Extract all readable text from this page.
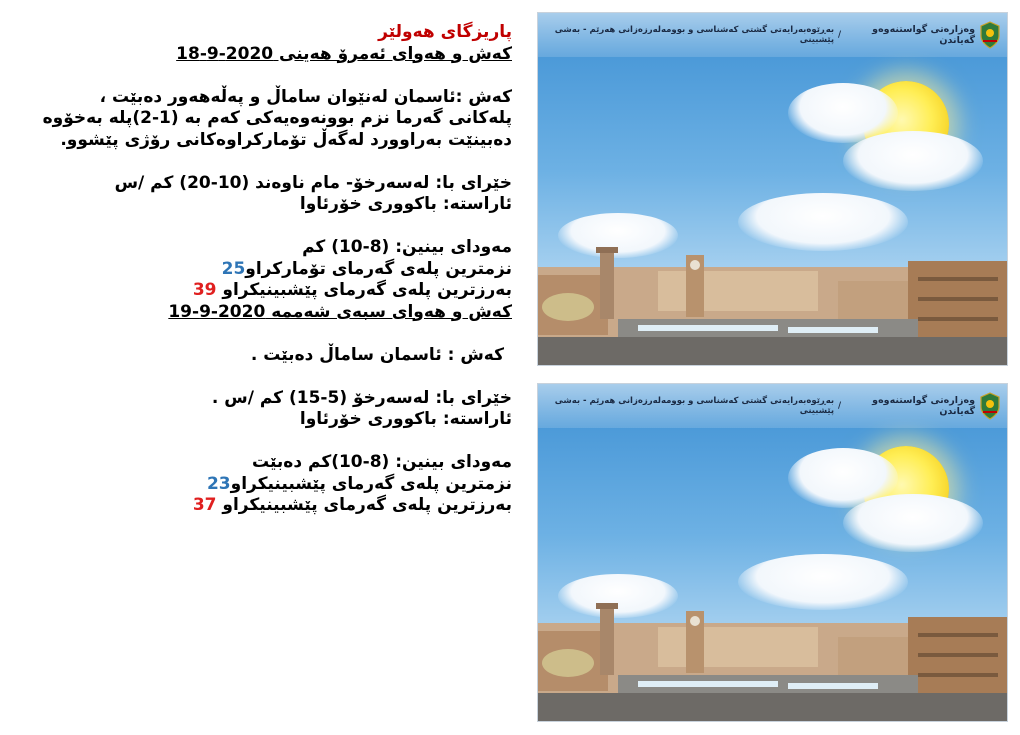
پاریزگای هەولێر
کەش و هەوای ئەمرۆ هەینی 2020-9-18
کەش :ئاسمان لەنێوان ساماڵ و پەڵەهەور دەبێت ،
پلەکانی گەرما نزم بوونەوەیەکی کەم بە (1-2)پلە بەخۆوە
دەبینێت بەراوورد لەگەڵ تۆمارکراوەکانی رۆژی پێشوو.
خێرای با: لەسەرخۆ- مام ناوەند (10-20) کم /س
ئاراستە: باکووری خۆرئاوا
مەودای بینین: (8-10) کم
نزمترین پلەی گەرمای تۆمارکراو25
بەرزترین پلەی گەرمای پێشبینیکراو 39
کەش و هەوای سبەی شەممە 2020-9-19
کەش : ئاسمان ساماڵ دەبێت .
خێرای با: لەسەرخۆ (5-15) کم /س .
ئاراستە: باکووری خۆرئاوا
مەودای بینین: (8-10)کم دەبێت
نزمترین پلەی گەرمای پێشبینیکراو23
بەرزترین پلەی گەرمای پێشبینیکراو 37
وەزارەتی گواستنەوەو گەیاندن
/
بەڕێوەبەرایەتی گشتی کەشناسی و بوومەلەرزەزانی هەرێم - بەشی پێشبینی
وەزارەتی گواستنەوەو گەیاندن
/
بەڕێوەبەرایەتی گشتی کەشناسی و بوومەلەرزەزانی هەرێم - بەشی پێشبینی
